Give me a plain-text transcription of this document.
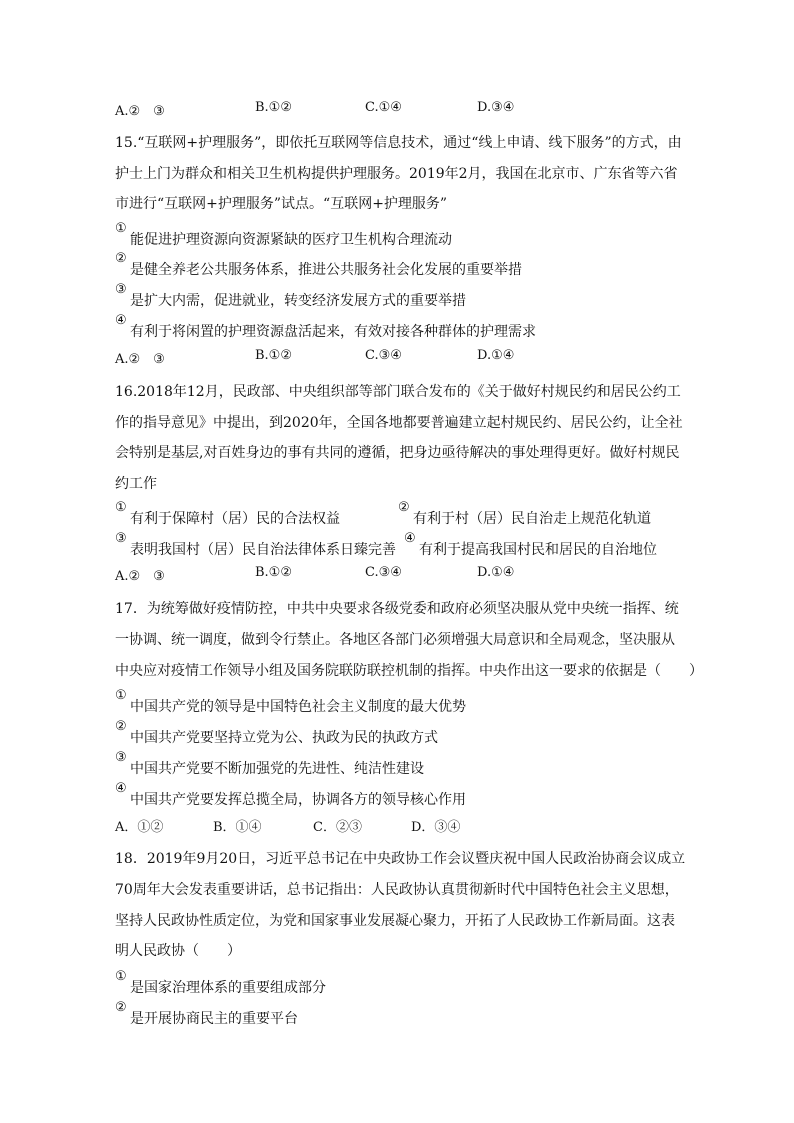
A.②　③	B.①②	C.①④	D.③④
15.“互联网+护理服务”，即依托互联网等信息技术，通过“线上申请、线下服务”的方式，由
护士上门为群众和相关卫生机构提供护理服务。2019年2月，我国在北京市、广东省等六省
市进行“互联网+护理服务”试点。“互联网+护理服务”
①
能促进护理资源向资源紧缺的医疗卫生机构合理流动
②
是健全养老公共服务体系，推进公共服务社会化发展的重要举措
③
是扩大内需，促进就业，转变经济发展方式的重要举措
④
有利于将闲置的护理资源盘活起来，有效对接各种群体的护理需求
A.②　③	B.①②	C.③④	D.①④
16.2018年12月，民政部、中央组织部等部门联合发布的《关于做好村规民约和居民公约工
作的指导意见》中提出，到2020年，全国各地都要普遍建立起村规民约、居民公约，让全社
会特别是基层,对百姓身边的事有共同的遵循，把身边亟待解决的事处理得更好。做好村规民
约工作
①
有利于保障村（居）民的合法权益
②
有利于村（居）民自治走上规范化轨道
③
表明我国村（居）民自治法律体系日臻完善
④
有利于提高我国村民和居民的自治地位
A.②　③	B.①②	C.③④	D.①④
17．为统筹做好疫情防控，中共中央要求各级党委和政府必须坚决服从党中央统一指挥、统
一协调、统一调度，做到令行禁止。各地区各部门必须增强大局意识和全局观念，坚决服从
中央应对疫情工作领导小组及国务院联防联控机制的指挥。中央作出这一要求的依据是（　　）
①
中国共产党的领导是中国特色社会主义制度的最大优势
②
中国共产党要坚持立党为公、执政为民的执政方式
③
中国共产党要不断加强党的先进性、纯洁性建设
④
中国共产党要发挥总揽全局，协调各方的领导核心作用
A．①②	B．①④	C．②③	D．③④
18．2019年9月20日，习近平总书记在中央政协工作会议暨庆祝中国人民政治协商会议成立
70周年大会发表重要讲话，总书记指出：人民政协认真贯彻新时代中国特色社会主义思想，
坚持人民政协性质定位，为党和国家事业发展凝心聚力，开拓了人民政协工作新局面。这表
明人民政协（　　）
①
是国家治理体系的重要组成部分
②
是开展协商民主的重要平台
